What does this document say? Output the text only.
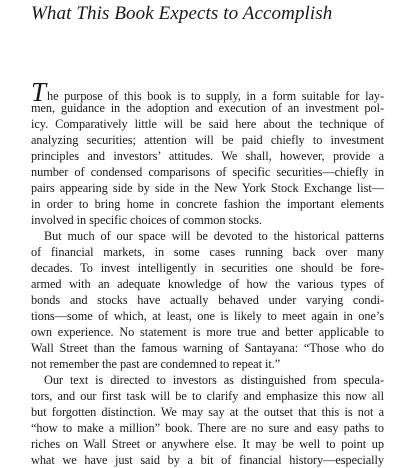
What This Book Expects to Accomplish
The purpose of this book is to supply, in a form suitable for lay-
men, guidance in the adoption and execution of an investment pol-
icy. Comparatively little will be said here about the technique of
analyzing securities; attention will be paid chiefly to investment
principles and investors’ attitudes. We shall, however, provide a
number of condensed comparisons of specific securities—chiefly in
pairs appearing side by side in the New York Stock Exchange list—
in order to bring home in concrete fashion the important elements
involved in specific choices of common stocks.
But much of our space will be devoted to the historical patterns
of financial markets, in some cases running back over many
decades. To invest intelligently in securities one should be fore-
armed with an adequate knowledge of how the various types of
bonds and stocks have actually behaved under varying condi-
tions—some of which, at least, one is likely to meet again in one’s
own experience. No statement is more true and better applicable to
Wall Street than the famous warning of Santayana: “Those who do
not remember the past are condemned to repeat it.”
Our text is directed to investors as distinguished from specula-
tors, and our first task will be to clarify and emphasize this now all
but forgotten distinction. We may say at the outset that this is not a
“how to make a million” book. There are no sure and easy paths to
riches on Wall Street or anywhere else. It may be well to point up
what we have just said by a bit of financial history—especially
